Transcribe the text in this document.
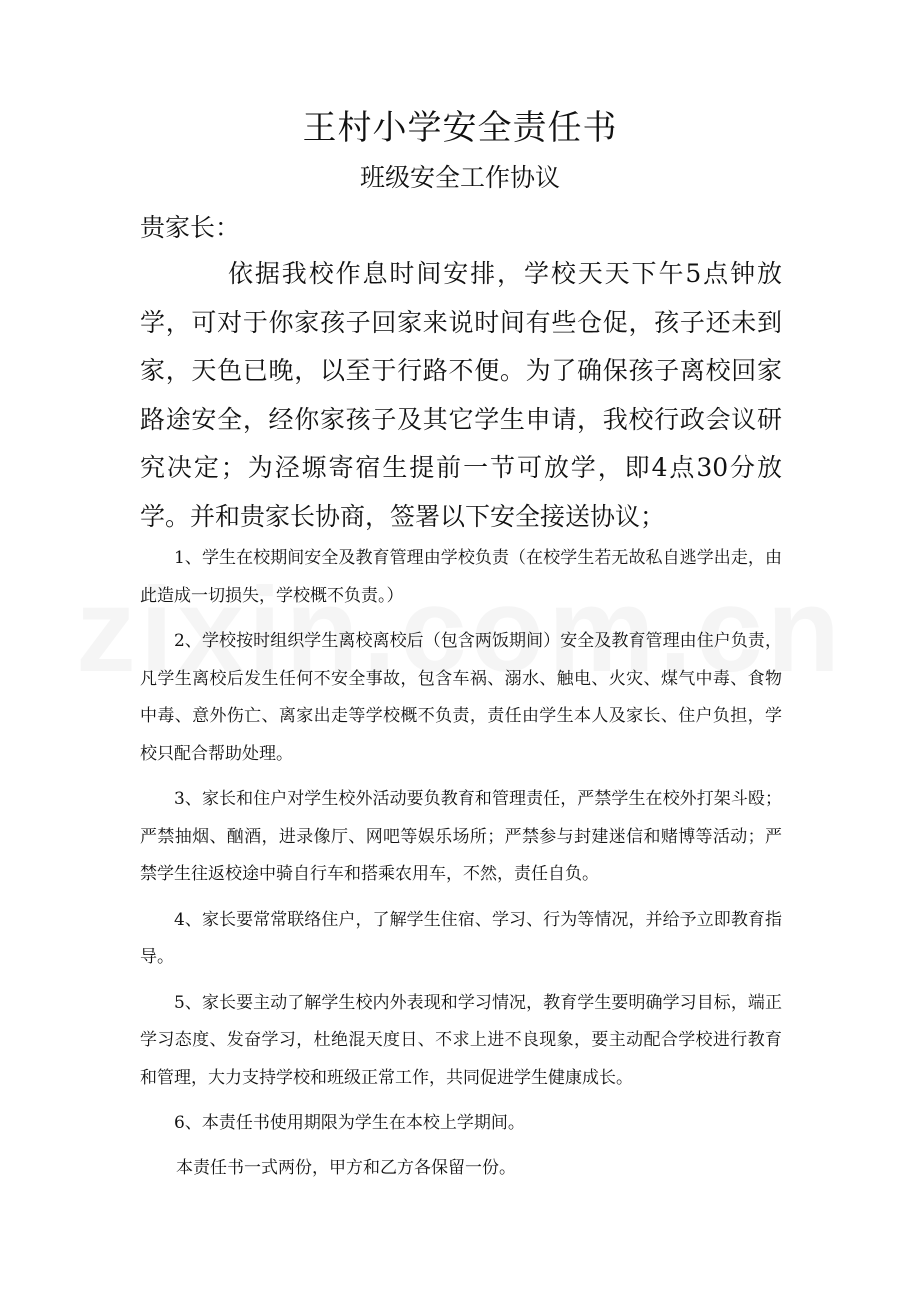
王村小学安全责任书
班级安全工作协议
贵家长：

依据我校作息时间安排，学校天天下午5点钟放学，可对于你家孩子回家来说时间有些仓促，孩子还未到家，天色已晚，以至于行路不便。为了确保孩子离校回家路途安全，经你家孩子及其它学生申请，我校行政会议研究决定；为泾塬寄宿生提前一节可放学，即4点30分放学。并和贵家长协商，签署以下安全接送协议；

1、学生在校期间安全及教育管理由学校负责（在校学生若无故私自逃学出走，由此造成一切损失，学校概不负责。）

2、学校按时组织学生离校离校后（包含两饭期间）安全及教育管理由住户负责，凡学生离校后发生任何不安全事故，包含车祸、溺水、触电、火灾、煤气中毒、食物中毒、意外伤亡、离家出走等学校概不负责，责任由学生本人及家长、住户负担，学校只配合帮助处理。

3、家长和住户对学生校外活动要负教育和管理责任，严禁学生在校外打架斗殴；严禁抽烟、酗酒，进录像厅、网吧等娱乐场所；严禁参与封建迷信和赌博等活动；严禁学生往返校途中骑自行车和搭乘农用车，不然，责任自负。

4、家长要常常联络住户，了解学生住宿、学习、行为等情况，并给予立即教育指导。

5、家长要主动了解学生校内外表现和学习情况，教育学生要明确学习目标，端正学习态度、发奋学习，杜绝混天度日、不求上进不良现象，要主动配合学校进行教育和管理，大力支持学校和班级正常工作，共同促进学生健康成长。

6、本责任书使用期限为学生在本校上学期间。

本责任书一式两份，甲方和乙方各保留一份。
